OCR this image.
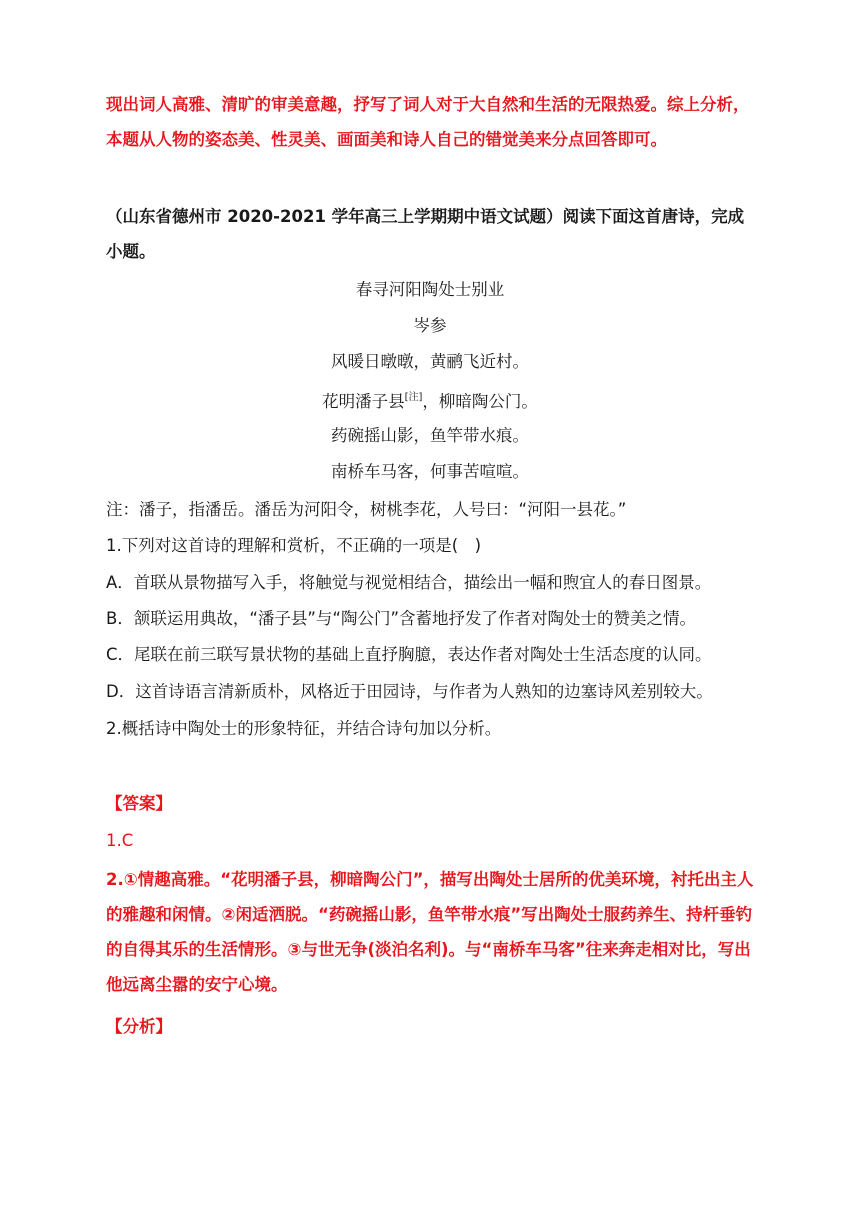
现出词人高雅、清旷的审美意趣，抒写了词人对于大自然和生活的无限热爱。综上分析，本题从人物的姿态美、性灵美、画面美和诗人自己的错觉美来分点回答即可。

（山东省德州市 2020-2021 学年高三上学期期中语文试题）阅读下面这首唐诗，完成小题。

春寻河阳陶处士别业

岑参

风暖日暾暾，黄鹂飞近村。

花明潘子县[注]，柳暗陶公门。

药碗摇山影，鱼竿带水痕。

南桥车马客，何事苦喧喧。

注：潘子，指潘岳。潘岳为河阳令，树桃李花，人号曰：“河阳一县花。”

1.下列对这首诗的理解和赏析，不正确的一项是(　)

A．首联从景物描写入手，将触觉与视觉相结合，描绘出一幅和煦宜人的春日图景。

B．颔联运用典故，“潘子县”与“陶公门”含蓄地抒发了作者对陶处士的赞美之情。

C．尾联在前三联写景状物的基础上直抒胸臆，表达作者对陶处士生活态度的认同。

D．这首诗语言清新质朴，风格近于田园诗，与作者为人熟知的边塞诗风差别较大。

2.概括诗中陶处士的形象特征，并结合诗句加以分析。

【答案】

1.C

2.①情趣高雅。“花明潘子县，柳暗陶公门”，描写出陶处士居所的优美环境，衬托出主人的雅趣和闲情。②闲适洒脱。“药碗摇山影，鱼竿带水痕”写出陶处士服药养生、持杆垂钓的自得其乐的生活情形。③与世无争(淡泊名利)。与“南桥车马客”往来奔走相对比，写出他远离尘嚣的安宁心境。

【分析】
